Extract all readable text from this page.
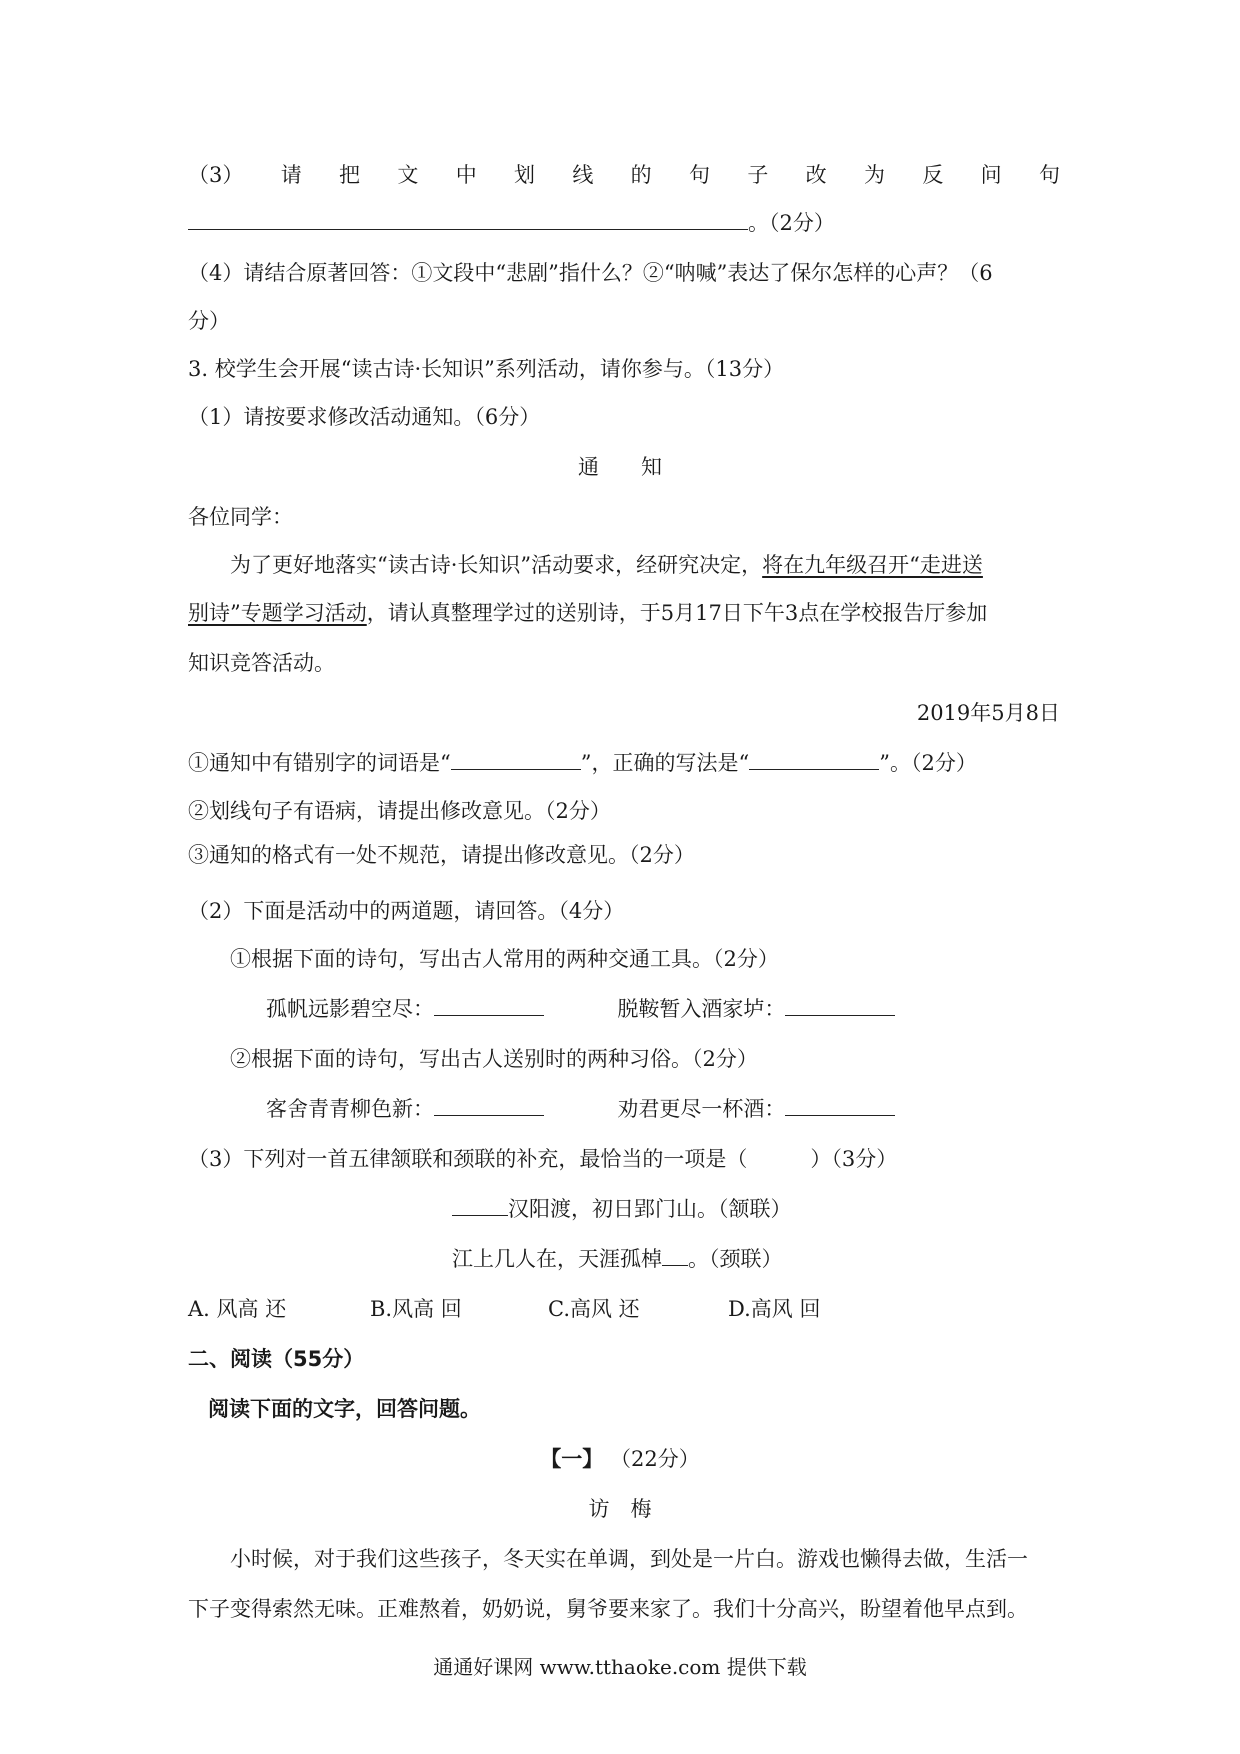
（3） 请 把 文 中 划 线 的 句 子 改 为 反 问 句
。（2分）
（4）请结合原著回答：①文段中“悲剧”指什么？②“呐喊”表达了保尔怎样的心声？（6
分）
3. 校学生会开展“读古诗·长知识”系列活动，请你参与。（13分）
（1）请按要求修改活动通知。（6分）
通　　知
各位同学：
为了更好地落实“读古诗·长知识”活动要求，经研究决定，将在九年级召开“走进送
别诗”专题学习活动，请认真整理学过的送别诗，于5月17日下午3点在学校报告厅参加
知识竞答活动。
2019年5月8日
①通知中有错别字的词语是“	”，正确的写法是“	”。（2分）
②划线句子有语病，请提出修改意见。（2分）
③通知的格式有一处不规范，请提出修改意见。（2分）
（2）下面是活动中的两道题，请回答。（4分）
①根据下面的诗句，写出古人常用的两种交通工具。（2分）
孤帆远影碧空尽：	脱鞍暂入酒家垆：
②根据下面的诗句，写出古人送别时的两种习俗。（2分）
客舍青青柳色新：	劝君更尽一杯酒：
（3）下列对一首五律颔联和颈联的补充，最恰当的一项是（　　　）（3分）
汉阳渡，初日郢门山。（颔联）
江上几人在，天涯孤棹 。（颈联）
A. 风高 还	B.风高 回	C.高风 还	D.高风 回
二、阅读（55分）
阅读下面的文字，回答问题。
【一】 （22分）
访　梅
小时候，对于我们这些孩子，冬天实在单调，到处是一片白。游戏也懒得去做，生活一
下子变得索然无味。正难熬着，奶奶说，舅爷要来家了。我们十分高兴，盼望着他早点到。
通通好课网 www.tthaoke.com 提供下载
